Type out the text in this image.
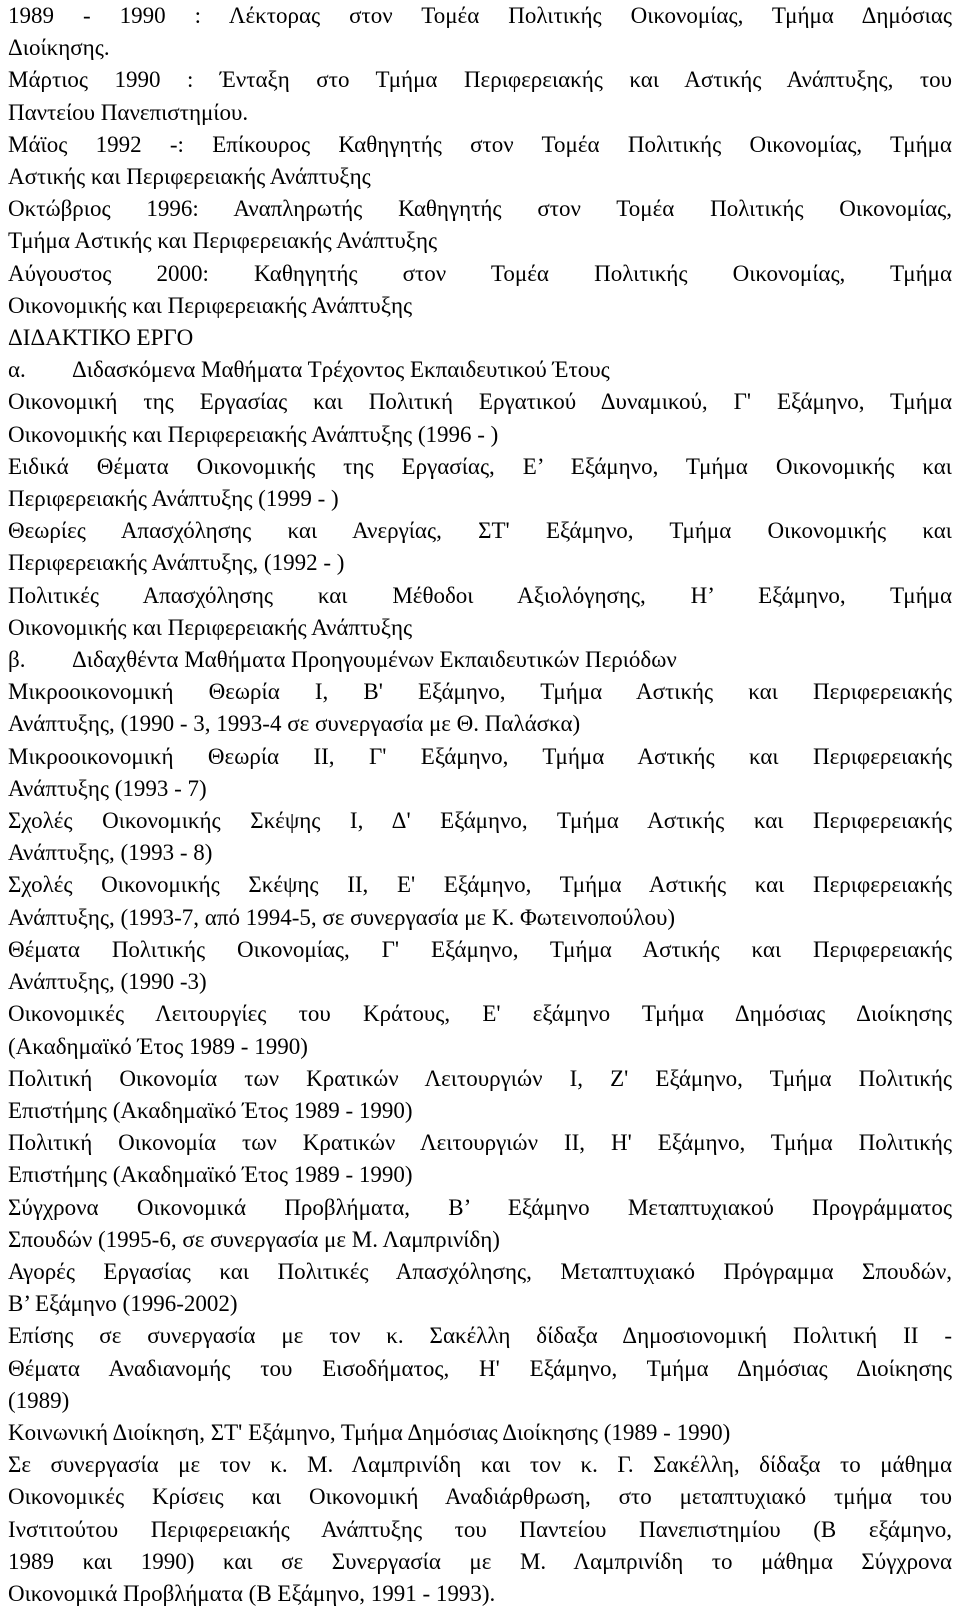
1989 - 1990 : Λέκτορας στον Τομέα Πολιτικής Οικονομίας, Τμήμα Δημόσιας
Διοίκησης.
Μάρτιος 1990 : Ένταξη στο Τμήμα Περιφερειακής και Αστικής Ανάπτυξης, του
Παντείου Πανεπιστημίου.
Μάϊος 1992 -: Επίκουρος Καθηγητής στον Τομέα Πολιτικής Οικονομίας, Τμήμα
Αστικής και Περιφερειακής Ανάπτυξης
Οκτώβριος 1996: Αναπληρωτής Καθηγητής στον Τομέα Πολιτικής Οικονομίας,
Τμήμα Αστικής και Περιφερειακής Ανάπτυξης
Αύγουστος 2000: Καθηγητής στον Τομέα Πολιτικής Οικονομίας, Τμήμα
Οικονομικής και Περιφερειακής Ανάπτυξης
ΔΙΔΑΚΤΙΚΟ ΕΡΓΟ
α. Διδασκόμενα Μαθήματα Τρέχοντος Εκπαιδευτικού Έτους
Οικονομική της Εργασίας και Πολιτική Εργατικού Δυναμικού, Γ' Εξάμηνο, Τμήμα
Οικονομικής και Περιφερειακής Ανάπτυξης (1996 - )
Ειδικά Θέματα Οικονομικής της Εργασίας, Ε’ Εξάμηνο, Τμήμα Οικονομικής και
Περιφερειακής Ανάπτυξης (1999 - )
Θεωρίες Απασχόλησης και Ανεργίας, ΣΤ' Εξάμηνο, Τμήμα Οικονομικής και
Περιφερειακής Ανάπτυξης, (1992 - )
Πολιτικές Απασχόλησης και Μέθοδοι Αξιολόγησης, Η’ Εξάμηνο, Τμήμα
Οικονομικής και Περιφερειακής Ανάπτυξης
β. Διδαχθέντα Μαθήματα Προηγουμένων Εκπαιδευτικών Περιόδων
Μικροοικονομική Θεωρία Ι, Β' Εξάμηνο, Τμήμα Αστικής και Περιφερειακής
Ανάπτυξης, (1990 - 3, 1993-4 σε συνεργασία με Θ. Παλάσκα)
Μικροοικονομική Θεωρία ΙΙ, Γ' Εξάμηνο, Τμήμα Αστικής και Περιφερειακής
Ανάπτυξης (1993 - 7)
Σχολές Οικονομικής Σκέψης Ι, Δ' Εξάμηνο, Τμήμα Αστικής και Περιφερειακής
Ανάπτυξης, (1993 - 8)
Σχολές Οικονομικής Σκέψης ΙΙ, Ε' Εξάμηνο, Τμήμα Αστικής και Περιφερειακής
Ανάπτυξης, (1993-7, από 1994-5, σε συνεργασία με Κ. Φωτεινοπούλου)
Θέματα Πολιτικής Οικονομίας, Γ' Εξάμηνο, Τμήμα Αστικής και Περιφερειακής
Ανάπτυξης, (1990 -3)
Οικονομικές Λειτουργίες του Κράτους, Ε' εξάμηνο Τμήμα Δημόσιας Διοίκησης
(Ακαδημαϊκό Έτος 1989 - 1990)
Πολιτική Οικονομία των Κρατικών Λειτουργιών Ι, Ζ' Εξάμηνο, Τμήμα Πολιτικής
Επιστήμης (Ακαδημαϊκό Έτος 1989 - 1990)
Πολιτική Οικονομία των Κρατικών Λειτουργιών ΙΙ, Η' Εξάμηνο, Τμήμα Πολιτικής
Επιστήμης (Ακαδημαϊκό Έτος 1989 - 1990)
Σύγχρονα Οικονομικά Προβλήματα, Β’ Εξάμηνο Μεταπτυχιακού Προγράμματος
Σπουδών (1995-6, σε συνεργασία με Μ. Λαμπρινίδη)
Αγορές Εργασίας και Πολιτικές Απασχόλησης, Μεταπτυχιακό Πρόγραμμα Σπουδών,
Β’ Εξάμηνο (1996-2002)
Επίσης σε συνεργασία με τον κ. Σακέλλη δίδαξα Δημοσιονομική Πολιτική ΙΙ -
Θέματα Αναδιανομής του Εισοδήματος, Η' Εξάμηνο, Τμήμα Δημόσιας Διοίκησης
(1989)
Κοινωνική Διοίκηση, ΣΤ' Εξάμηνο, Τμήμα Δημόσιας Διοίκησης (1989 - 1990)
Σε συνεργασία με τον κ. Μ. Λαμπρινίδη και τον κ. Γ. Σακέλλη, δίδαξα το μάθημα
Οικονομικές Κρίσεις και Οικονομική Αναδιάρθρωση, στο μεταπτυχιακό τμήμα του
Ινστιτούτου Περιφερειακής Ανάπτυξης του Παντείου Πανεπιστημίου (Β εξάμηνο,
1989 και 1990) και σε Συνεργασία με Μ. Λαμπρινίδη το μάθημα Σύγχρονα
Οικονομικά Προβλήματα (Β Εξάμηνο, 1991 - 1993).
